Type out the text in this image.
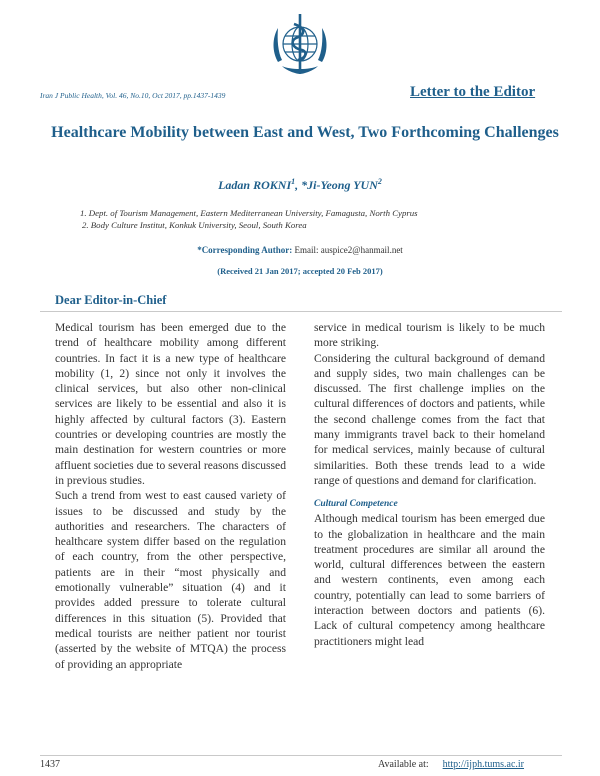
Iran J Public Health, Vol. 46, No.10, Oct 2017, pp.1437-1439	Letter to the Editor
Healthcare Mobility between East and West, Two Forthcoming Challenges
Ladan ROKNI$^1$, *Ji-Yeong YUN$^2$
1. Dept. of Tourism Management, Eastern Mediterranean University, Famagusta, North Cyprus
2. Body Culture Institut, Konkuk University, Seoul, South Korea
*Corresponding Author: Email: auspice2@hanmail.net
(Received 21 Jan 2017; accepted 20 Feb 2017)
Dear Editor-in-Chief

Medical tourism has been emerged due to the trend of healthcare mobility among different countries. In fact it is a new type of healthcare mobility (1, 2) since not only it involves the clinical services, but also other non-clinical services are likely to be essential and also it is highly affected by cultural factors (3). Eastern countries or developing countries are mostly the main destination for western countries or more affluent societies due to several reasons discussed in previous studies.

Such a trend from west to east caused variety of issues to be discussed and study by the authorities and researchers. The characters of healthcare system differ based on the regulation of each country, from the other perspective, patients are in their “most physically and emotionally vulnerable” situation (4) and it provides added pressure to tolerate cultural differences in this situation (5). Provided that medical tourists are neither patient nor tourist (asserted by the website of MTQA) the process of providing an appropriate

service in medical tourism is likely to be much more striking.

Considering the cultural background of demand and supply sides, two main challenges can be discussed. The first challenge implies on the cultural differences of doctors and patients, while the second challenge comes from the fact that many immigrants travel back to their homeland for medical services, mainly because of cultural similarities. Both these trends lead to a wide range of questions and demand for clarification.

Cultural Competence

Although medical tourism has been emerged due to the globalization in healthcare and the main treatment procedures are similar all around the world, cultural differences between the eastern and western continents, even among each country, potentially can lead to some barriers of interaction between doctors and patients (6). Lack of cultural competency among healthcare practitioners might lead

1437	Available at: http://ijph.tums.ac.ir
